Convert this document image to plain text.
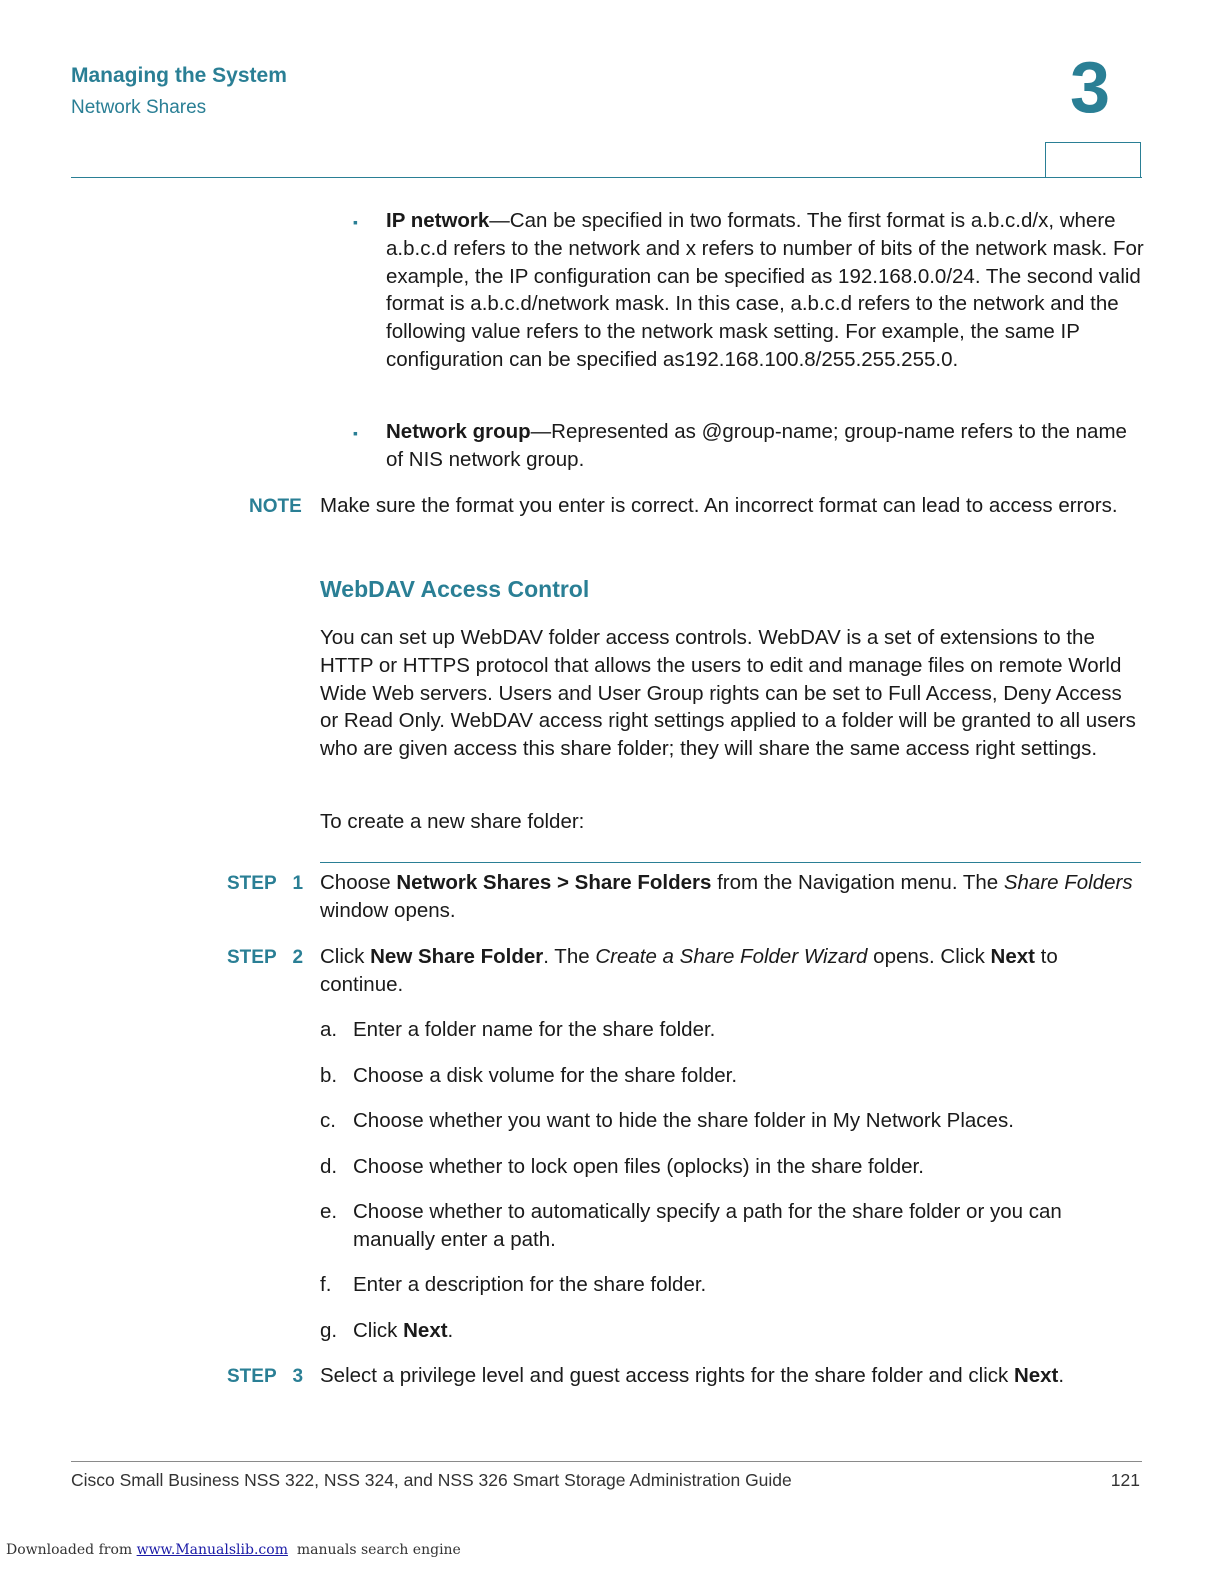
Managing the System
Network Shares	3
▪ IP network—Can be specified in two formats. The first format is a.b.c.d/x, where a.b.c.d refers to the network and x refers to number of bits of the network mask. For example, the IP configuration can be specified as 192.168.0.0/24. The second valid format is a.b.c.d/network mask. In this case, a.b.c.d refers to the network and the following value refers to the network mask setting. For example, the same IP configuration can be specified as192.168.100.8/255.255.255.0.
▪ Network group—Represented as @group-name; group-name refers to the name of NIS network group.
NOTE Make sure the format you enter is correct. An incorrect format can lead to access errors.
WebDAV Access Control
You can set up WebDAV folder access controls. WebDAV is a set of extensions to the HTTP or HTTPS protocol that allows the users to edit and manage files on remote World Wide Web servers. Users and User Group rights can be set to Full Access, Deny Access or Read Only. WebDAV access right settings applied to a folder will be granted to all users who are given access this share folder; they will share the same access right settings.
To create a new share folder:
STEP 1 Choose Network Shares > Share Folders from the Navigation menu. The Share Folders window opens.
STEP 2 Click New Share Folder. The Create a Share Folder Wizard opens. Click Next to continue.
a. Enter a folder name for the share folder.
b. Choose a disk volume for the share folder.
c. Choose whether you want to hide the share folder in My Network Places.
d. Choose whether to lock open files (oplocks) in the share folder.
e. Choose whether to automatically specify a path for the share folder or you can manually enter a path.
f. Enter a description for the share folder.
g. Click Next.
STEP 3 Select a privilege level and guest access rights for the share folder and click Next.
Cisco Small Business NSS 322, NSS 324, and NSS 326 Smart Storage Administration Guide	121
Downloaded from www.Manualslib.com  manuals search engine
